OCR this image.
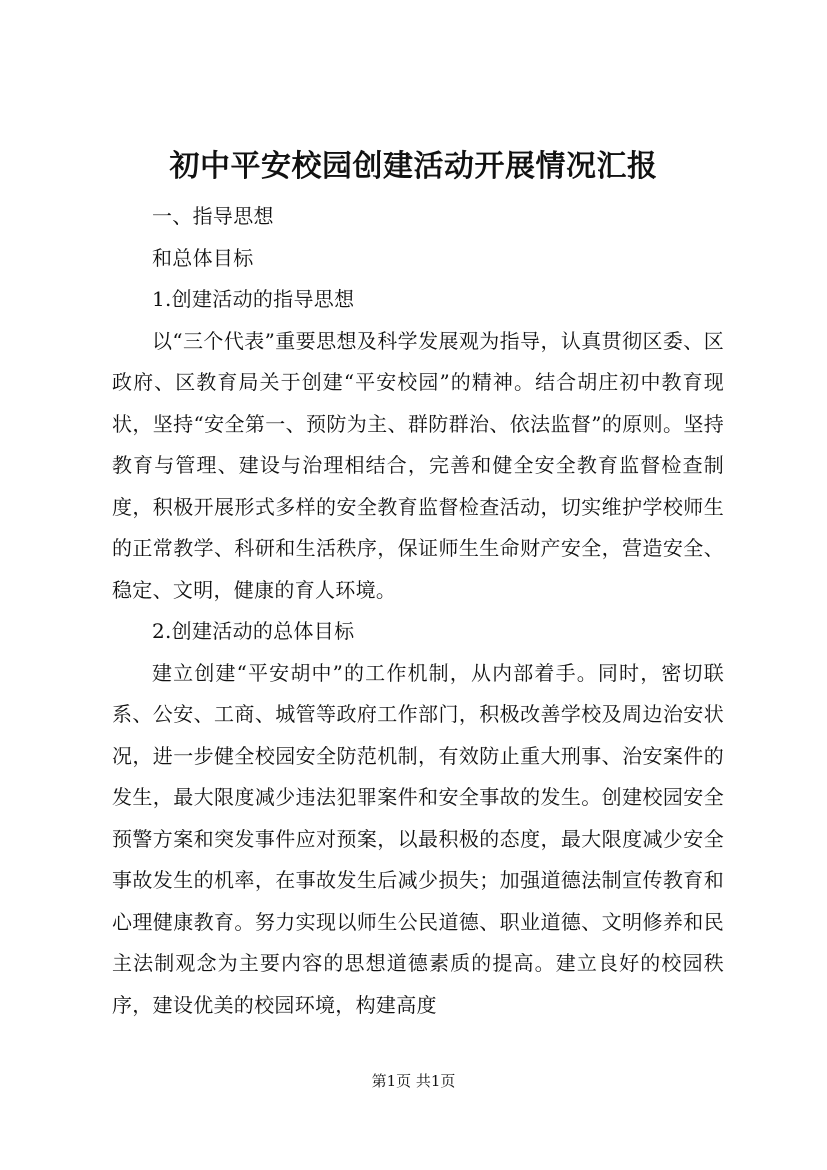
初中平安校园创建活动开展情况汇报

一、指导思想

和总体目标

1.创建活动的指导思想

以“三个代表”重要思想及科学发展观为指导，认真贯彻区委、区政府、区教育局关于创建“平安校园”的精神。结合胡庄初中教育现状，坚持“安全第一、预防为主、群防群治、依法监督”的原则。坚持教育与管理、建设与治理相结合，完善和健全安全教育监督检查制度，积极开展形式多样的安全教育监督检查活动，切实维护学校师生的正常教学、科研和生活秩序，保证师生生命财产安全，营造安全、稳定、文明，健康的育人环境。

2.创建活动的总体目标

建立创建“平安胡中”的工作机制，从内部着手。同时，密切联系、公安、工商、城管等政府工作部门，积极改善学校及周边治安状况，进一步健全校园安全防范机制，有效防止重大刑事、治安案件的发生，最大限度减少违法犯罪案件和安全事故的发生。创建校园安全预警方案和突发事件应对预案，以最积极的态度，最大限度减少安全事故发生的机率，在事故发生后减少损失；加强道德法制宣传教育和心理健康教育。努力实现以师生公民道德、职业道德、文明修养和民主法制观念为主要内容的思想道德素质的提高。建立良好的校园秩序，建设优美的校园环境，构建高度

第1页 共1页
